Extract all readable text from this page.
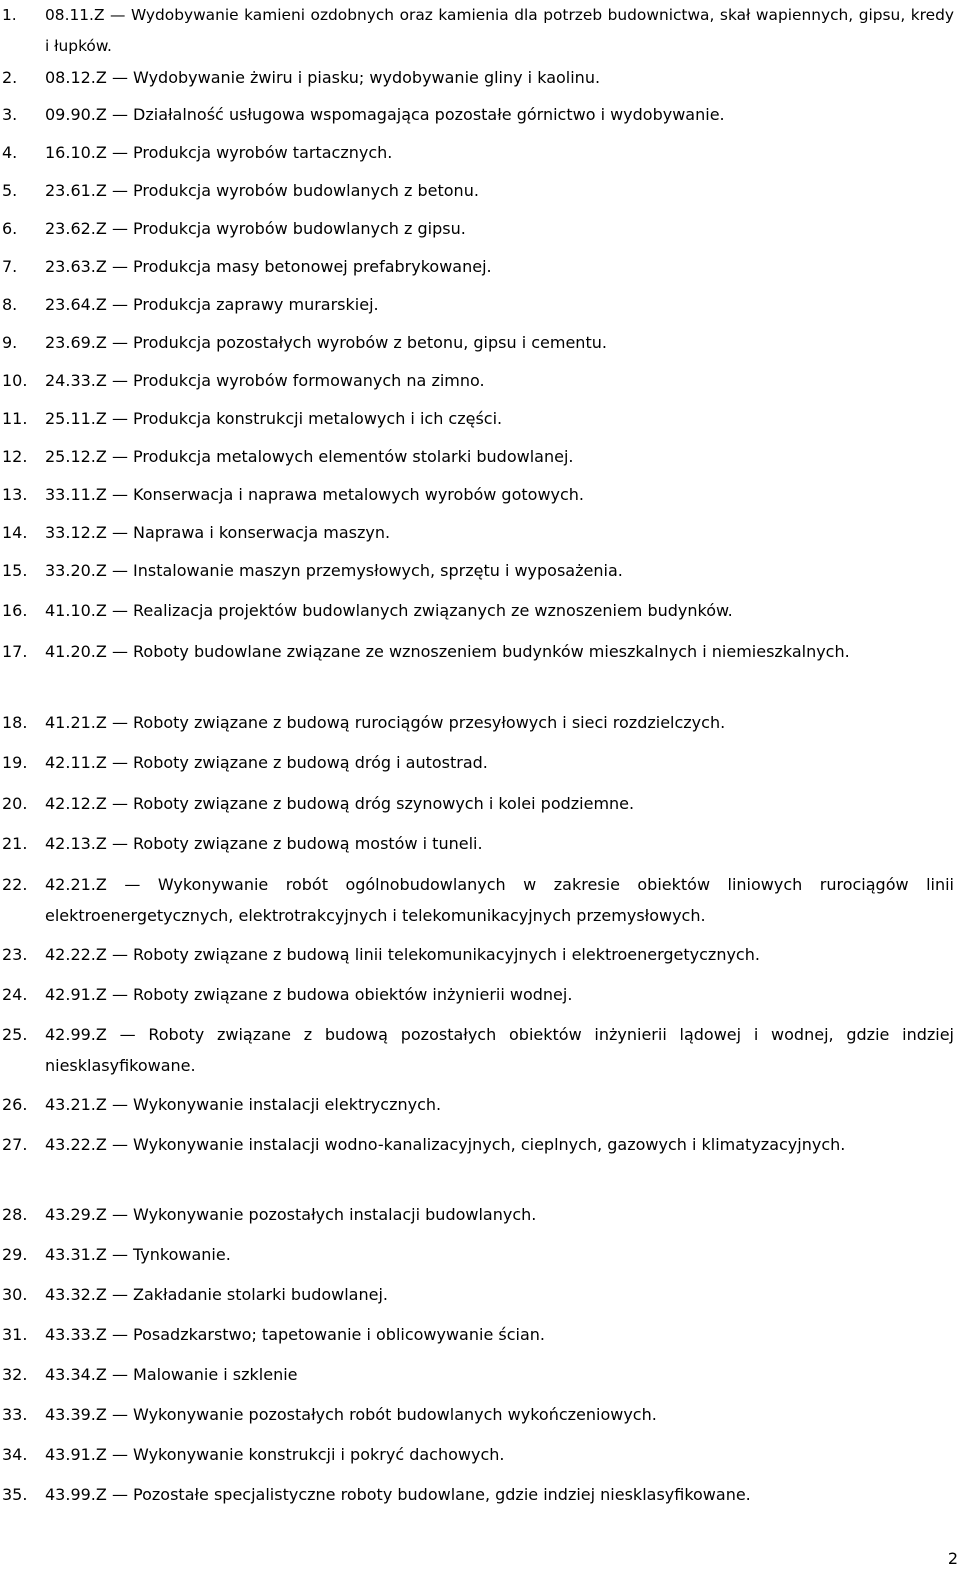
1.	08.11.Z — Wydobywanie kamieni ozdobnych oraz kamienia dla potrzeb budownictwa, skał wapiennych, gipsu, kredy i łupków.
2.	08.12.Z — Wydobywanie żwiru i piasku; wydobywanie gliny i kaolinu.
3.	09.90.Z — Działalność usługowa wspomagająca pozostałe górnictwo i wydobywanie.
4.	16.10.Z — Produkcja wyrobów tartacznych.
5.	23.61.Z — Produkcja wyrobów budowlanych z betonu.
6.	23.62.Z — Produkcja wyrobów budowlanych z gipsu.
7.	23.63.Z — Produkcja masy betonowej prefabrykowanej.
8.	23.64.Z — Produkcja zaprawy murarskiej.
9.	23.69.Z — Produkcja pozostałych wyrobów z betonu, gipsu i cementu.
10.	24.33.Z — Produkcja wyrobów formowanych na zimno.
11.	25.11.Z — Produkcja konstrukcji metalowych i ich części.
12.	25.12.Z — Produkcja metalowych elementów stolarki budowlanej.
13.	33.11.Z — Konserwacja i naprawa metalowych wyrobów gotowych.
14.	33.12.Z — Naprawa i konserwacja maszyn.
15.	33.20.Z — Instalowanie maszyn przemysłowych, sprzętu i wyposażenia.
16.	41.10.Z — Realizacja projektów budowlanych związanych ze wznoszeniem budynków.
17.	41.20.Z — Roboty budowlane związane ze wznoszeniem budynków mieszkalnych i niemieszkalnych.
18.	41.21.Z — Roboty związane z budową rurociągów przesyłowych i sieci rozdzielczych.
19.	42.11.Z — Roboty związane z budową dróg i autostrad.
20.	42.12.Z — Roboty związane z budową dróg szynowych i kolei podziemne.
21.	42.13.Z — Roboty związane z budową mostów i tuneli.
22.	42.21.Z — Wykonywanie robót ogólnobudowlanych w zakresie obiektów liniowych rurociągów linii elektroenergetycznych, elektrotrakcyjnych i telekomunikacyjnych przemysłowych.
23.	42.22.Z — Roboty związane z budową linii telekomunikacyjnych i elektroenergetycznych.
24.	42.91.Z — Roboty związane z budowa obiektów inżynierii wodnej.
25.	42.99.Z — Roboty związane z budową pozostałych obiektów inżynierii lądowej i wodnej, gdzie indziej niesklasyfikowane.
26.	43.21.Z — Wykonywanie instalacji elektrycznych.
27.	43.22.Z — Wykonywanie instalacji wodno-kanalizacyjnych, cieplnych, gazowych i klimatyzacyjnych.
28.	43.29.Z — Wykonywanie pozostałych instalacji budowlanych.
29.	43.31.Z — Tynkowanie.
30.	43.32.Z — Zakładanie stolarki budowlanej.
31.	43.33.Z — Posadzkarstwo; tapetowanie i oblicowywanie ścian.
32.	43.34.Z — Malowanie i szklenie
33.	43.39.Z — Wykonywanie pozostałych robót budowlanych wykończeniowych.
34.	43.91.Z — Wykonywanie konstrukcji i pokryć dachowych.
35.	43.99.Z — Pozostałe specjalistyczne roboty budowlane, gdzie indziej niesklasyfikowane.
2
